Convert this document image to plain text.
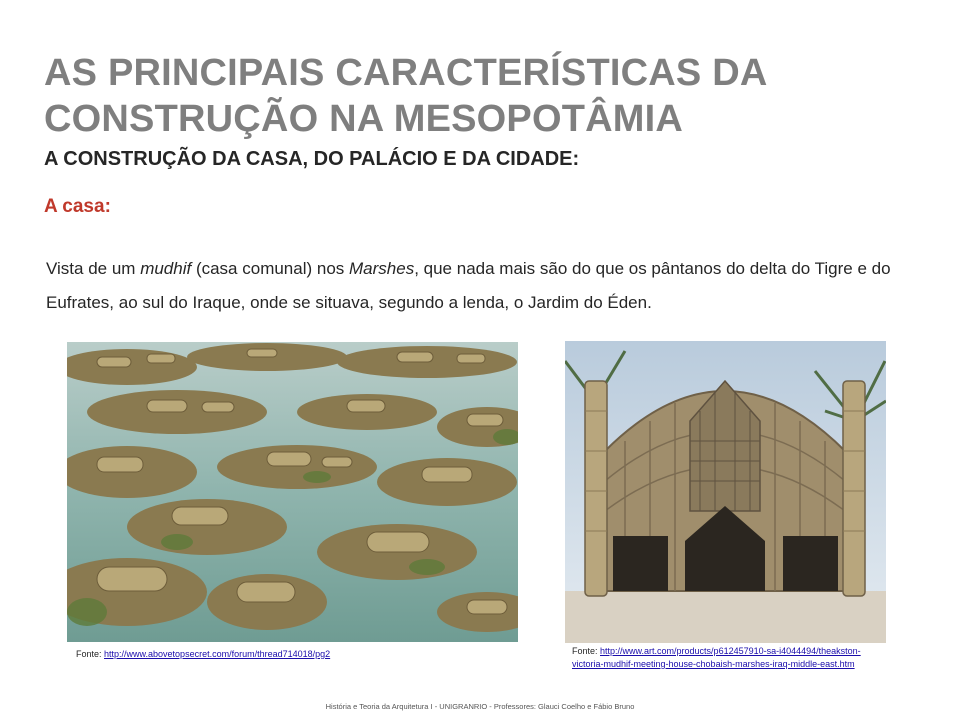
AS PRINCIPAIS CARACTERÍSTICAS DA
CONSTRUÇÃO NA MESOPOTÂMIA
A CONSTRUÇÃO DA CASA, DO PALÁCIO E DA CIDADE:
A casa:

Vista de um mudhif (casa comunal) nos Marshes, que nada mais são do que os pântanos do delta do Tigre e do Eufrates, ao sul do Iraque, onde se situava, segundo a lenda, o Jardim do Éden.

Fonte: http://www.abovetopsecret.com/forum/thread714018/pg2	Fonte: http://www.art.com/products/p612457910-sa-i4044494/theakston-victoria-mudhif-meeting-house-chobaish-marshes-iraq-middle-east.htm
História e Teoria da Arquitetura I - UNIGRANRIO - Professores: Glauci Coelho e Fábio Bruno
